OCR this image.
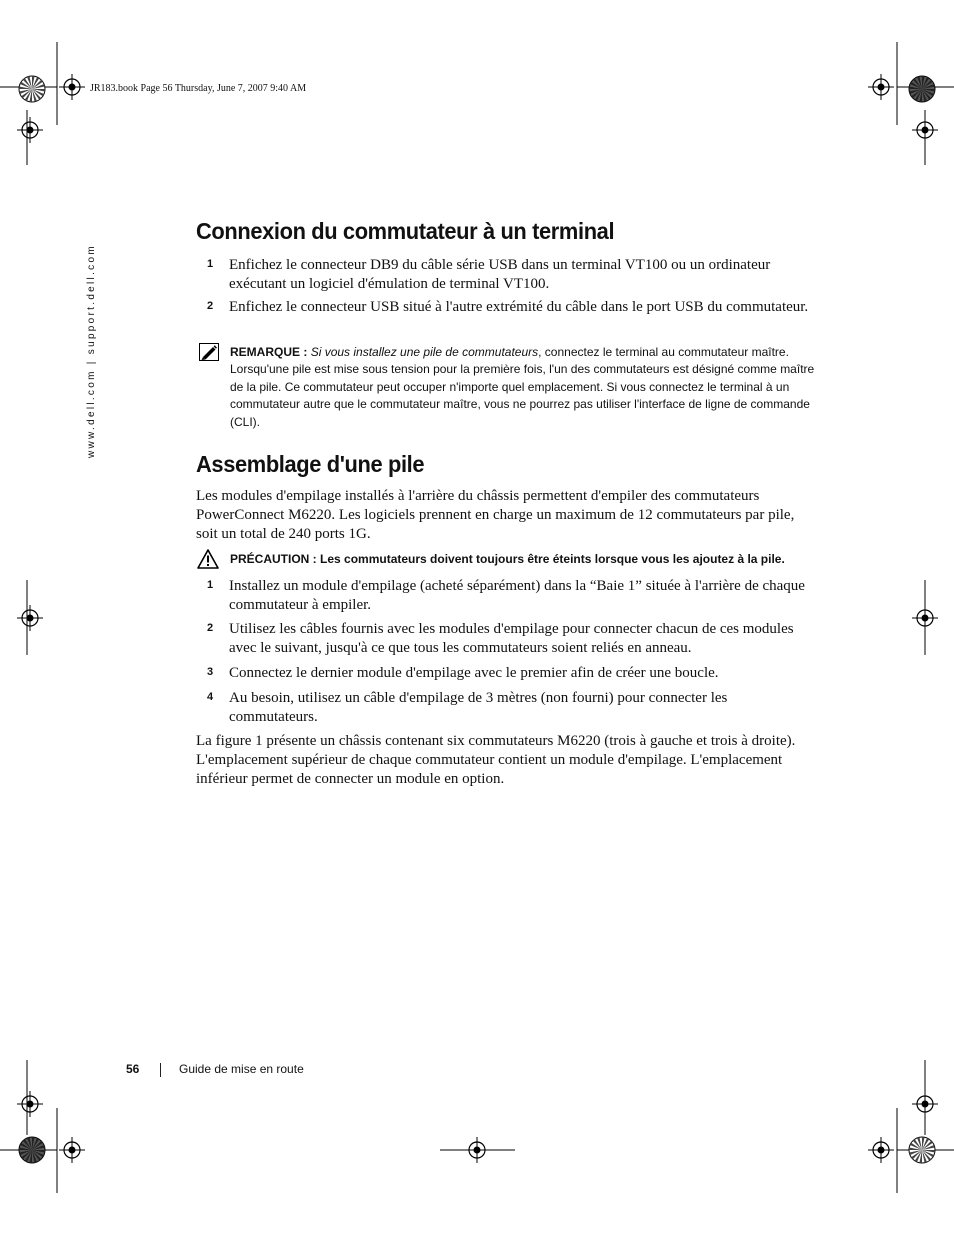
JR183.book Page 56 Thursday, June 7, 2007 9:40 AM
www.dell.com | support.dell.com
Connexion du commutateur à un terminal
1 Enfichez le connecteur DB9 du câble série USB dans un terminal VT100 ou un ordinateur exécutant un logiciel d'émulation de terminal VT100.
2 Enfichez le connecteur USB situé à l'autre extrémité du câble dans le port USB du commutateur.
REMARQUE : Si vous installez une pile de commutateurs, connectez le terminal au commutateur maître. Lorsqu'une pile est mise sous tension pour la première fois, l'un des commutateurs est désigné comme maître de la pile. Ce commutateur peut occuper n'importe quel emplacement. Si vous connectez le terminal à un commutateur autre que le commutateur maître, vous ne pourrez pas utiliser l'interface de ligne de commande (CLI).
Assemblage d'une pile
Les modules d'empilage installés à l'arrière du châssis permettent d'empiler des commutateurs PowerConnect M6220. Les logiciels prennent en charge un maximum de 12 commutateurs par pile, soit un total de 240 ports 1G.
PRÉCAUTION : Les commutateurs doivent toujours être éteints lorsque vous les ajoutez à la pile.
1 Installez un module d'empilage (acheté séparément) dans la “Baie 1” située à l'arrière de chaque commutateur à empiler.
2 Utilisez les câbles fournis avec les modules d'empilage pour connecter chacun de ces modules avec le suivant, jusqu'à ce que tous les commutateurs soient reliés en anneau.
3 Connectez le dernier module d'empilage avec le premier afin de créer une boucle.
4 Au besoin, utilisez un câble d'empilage de 3 mètres (non fourni) pour connecter les commutateurs.
La figure 1 présente un châssis contenant six commutateurs M6220 (trois à gauche et trois à droite). L'emplacement supérieur de chaque commutateur contient un module d'empilage. L'emplacement inférieur permet de connecter un module en option.
56	Guide de mise en route
